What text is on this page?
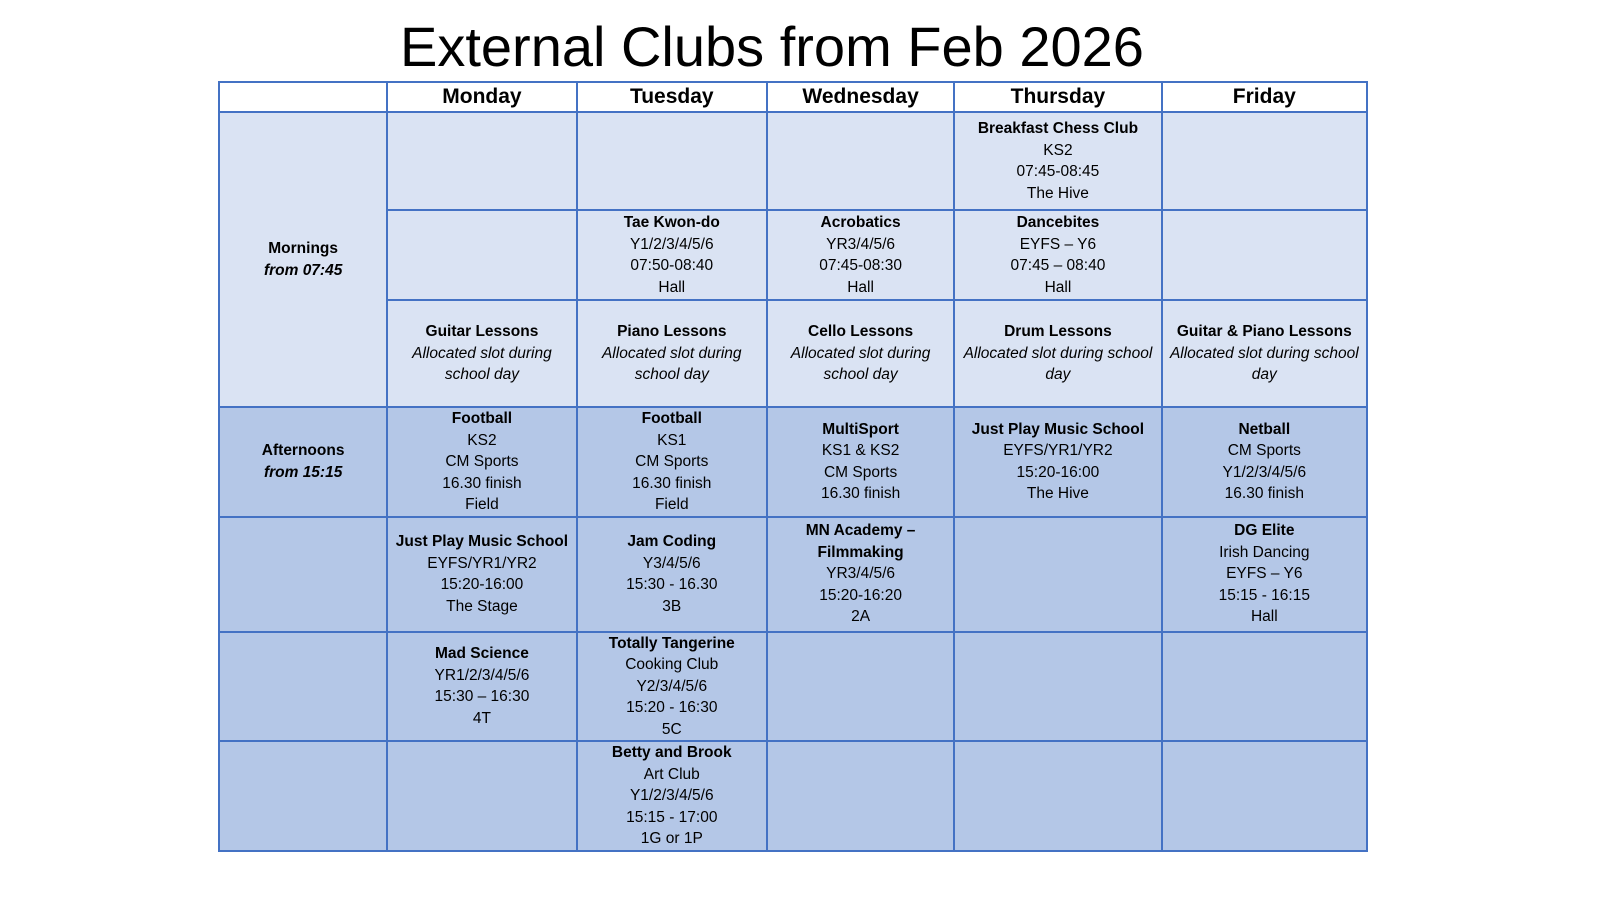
External Clubs from Feb 2026
	Monday	Tuesday	Wednesday	Thursday	Friday

Mornings
from 07:45				Breakfast Chess Club
KS2
07:45-08:45
The Hive	

		Tae Kwon-do
Y1/2/3/4/5/6
07:50-08:40
Hall	Acrobatics
YR3/4/5/6
07:45-08:30
Hall	Dancebites
EYFS – Y6
07:45 – 08:40
Hall	

	Guitar Lessons
Allocated slot during school day	Piano Lessons
Allocated slot during school day	Cello Lessons
Allocated slot during school day	Drum Lessons
Allocated slot during school day	Guitar & Piano Lessons
Allocated slot during school day

Afternoons
from 15:15	Football
KS2
CM Sports
16.30 finish
Field	Football
KS1
CM Sports
16.30 finish
Field	MultiSport
KS1 & KS2
CM Sports
16.30 finish	Just Play Music School
EYFS/YR1/YR2
15:20-16:00
The Hive	Netball
CM Sports
Y1/2/3/4/5/6
16.30 finish

	Just Play Music School
EYFS/YR1/YR2
15:20-16:00
The Stage	Jam Coding
Y3/4/5/6
15:30 - 16.30
3B	MN Academy –
Filmmaking
YR3/4/5/6
15:20-16:20
2A		DG Elite
Irish Dancing
EYFS – Y6
15:15 - 16:15
Hall

	Mad Science
YR1/2/3/4/5/6
15:30 – 16:30
4T	Totally Tangerine
Cooking Club
Y2/3/4/5/6
15:20 - 16:30
5C			

		Betty and Brook
Art Club
Y1/2/3/4/5/6
15:15 - 17:00
1G or 1P			
